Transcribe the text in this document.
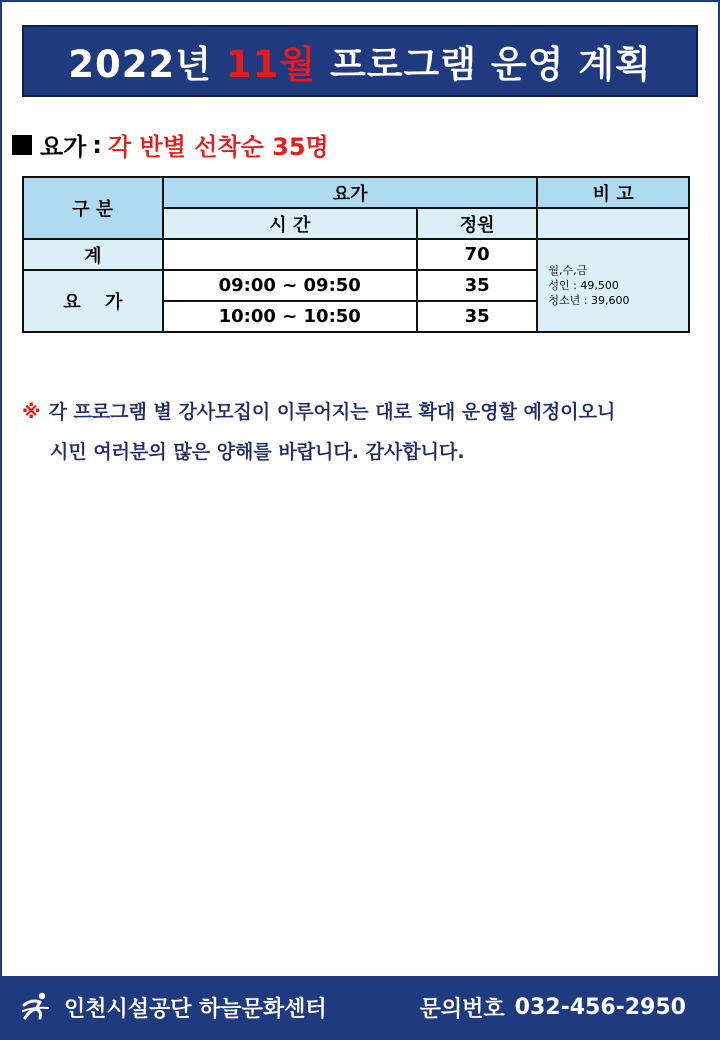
2022년
11월
프로그램 운영 계획
요가 : 각 반별 선착순 35명
구 분	요가		비 고
	시 간	정원	
계		70	월,수,금
성인 : 49,500
청소년 : 39,600

요 가	09:00 ~ 09:50	35	
	10:00 ~ 10:50	35	
※ 각 프로그램 별 강사모집이 이루어지는 대로 확대 운영할 예정이오니
시민 여러분의 많은 양해를 바랍니다. 감사합니다.
인천시설공단 하늘문화센터	문의번호 032-456-2950
